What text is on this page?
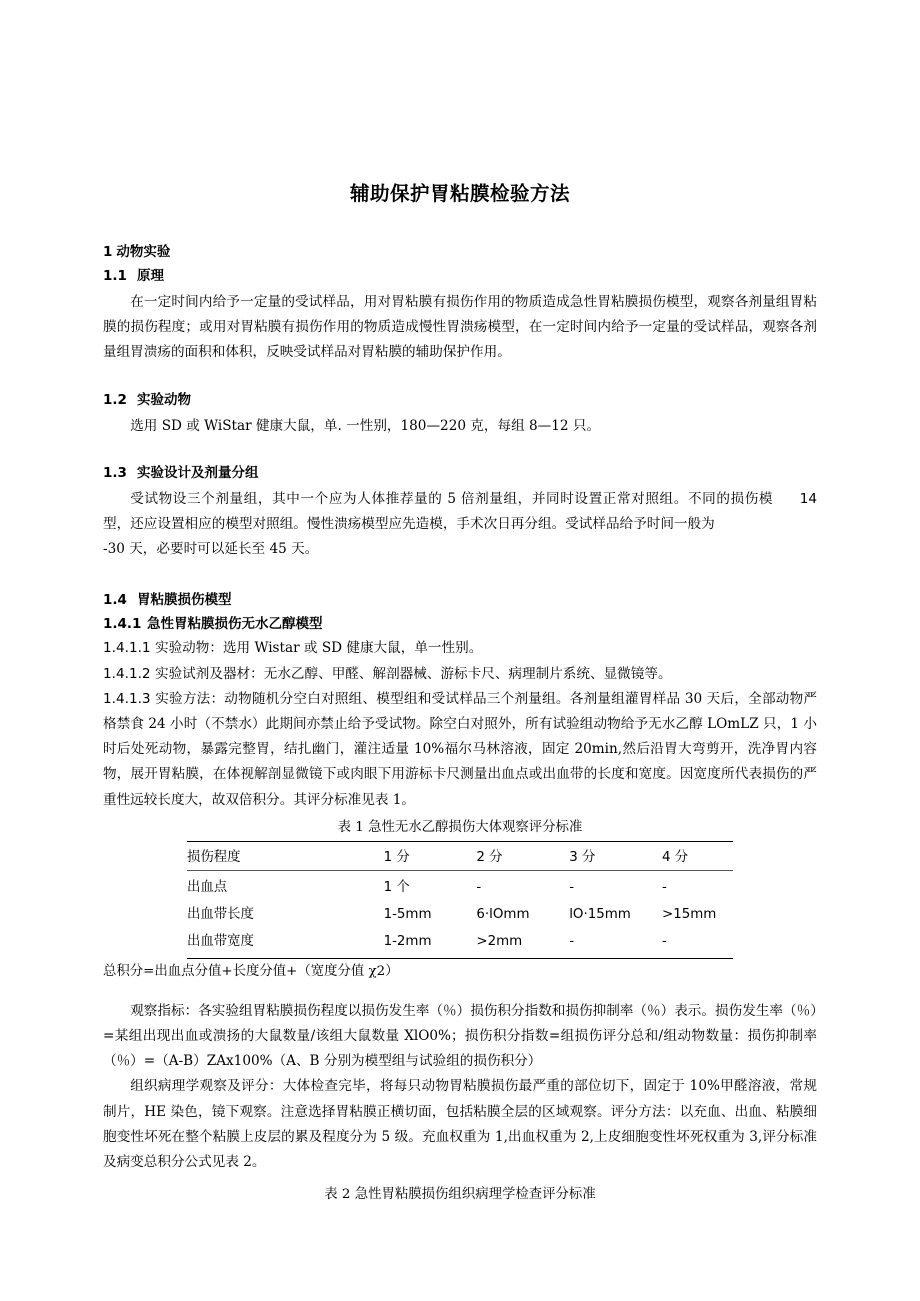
辅助保护胃粘膜检验方法
1 动物实验
1.1 原理

在一定时间内给予一定量的受试样品，用对胃粘膜有损伤作用的物质造成急性胃粘膜损伤模型，观察各剂量组胃粘膜的损伤程度；或用对胃粘膜有损伤作用的物质造成慢性胃溃疡模型，在一定时间内给予一定量的受试样品，观察各剂量组胃溃疡的面积和体积，反映受试样品对胃粘膜的辅助保护作用。

1.2 实验动物

选用 SD 或 WiStar 健康大鼠，单. 一性别，180—220 克，每组 8—12 只。

1.3 实验设计及剂量分组

14
受试物设三个剂量组，其中一个应为人体推荐量的 5 倍剂量组，并同时设置正常对照组。不同的损伤模型，还应设置相应的模型对照组。慢性溃疡模型应先造模，手术次日再分组。受试样品给予时间一般为

-30 天，必要时可以延长至 45 天。

1.4 胃粘膜损伤模型
1.4.1 急性胃粘膜损伤无水乙醇模型

1.4.1.1 实验动物：选用 Wistar 或 SD 健康大鼠，单一性别。

1.4.1.2 实验试剂及器材：无水乙醇、甲醛、解剖器械、游标卡尺、病理制片系统、显微镜等。

1.4.1.3 实验方法：动物随机分空白对照组、模型组和受试样品三个剂量组。各剂量组灌胃样品 30 天后，全部动物严格禁食 24 小时（不禁水）此期间亦禁止给予受试物。除空白对照外，所有试验组动物给予无水乙醇 LOmLZ 只，1 小时后处死动物，暴露完整胃，结扎幽门，灌注适量 10%福尔马林溶液，固定 20min,然后沿胃大弯剪开，洗净胃内容物，展开胃粘膜，在体视解剖显微镜下或肉眼下用游标卡尺测量出血点或出血带的长度和宽度。因宽度所代表损伤的严重性远较长度大，故双倍积分。其评分标准见表 1。

表 1 急性无水乙醇损伤大体观察评分标准

损伤程度	1 分	2 分	3 分	4 分
出血点	1 个	-	-	-
出血带长度	1-5mm	6·lOmm	lO·15mm	>15mm
出血带宽度	1-2mm	>2mm	-	-

总积分=出血点分值+长度分值+（宽度分值 χ2）

观察指标：各实验组胃粘膜损伤程度以损伤发生率（％）损伤积分指数和损伤抑制率（％）表示。损伤发生率（％）=某组出现出血或溃扬的大鼠数量/该组大鼠数量 XlO0%；损伤积分指数=组损伤评分总和/组动物数量：损伤抑制率（％）=（A-B）ZAx100%（A、B 分别为模型组与试验组的损伤积分）

组织病理学观察及评分：大体检查完毕，将每只动物胃粘膜损伤最严重的部位切下，固定于 10%甲醛溶液，常规制片，HE 染色，镜下观察。注意选择胃粘膜正横切面，包括粘膜全层的区域观察。评分方法：以充血、出血、粘膜细胞变性坏死在整个粘膜上皮层的累及程度分为 5 级。充血权重为 1,出血权重为 2,上皮细胞变性坏死权重为 3,评分标准及病变总积分公式见表 2。

表 2 急性胃粘膜损伤组织病理学检查评分标准
